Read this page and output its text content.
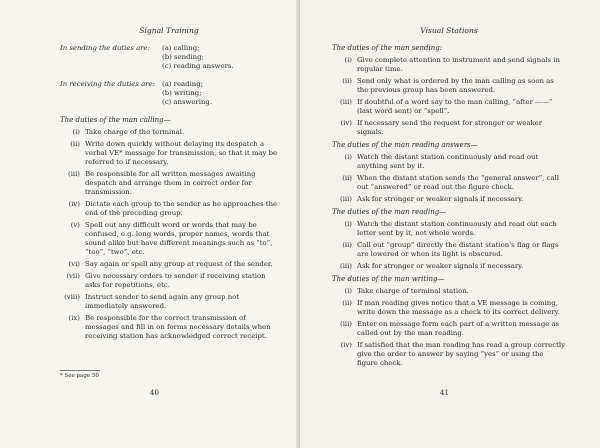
Signal Training
In sending the duties are:	(a) calling;
(b) sending;
(c) reading answers.
In receiving the duties are:	(a) reading;
(b) writing;
(c) answering.
The duties of the man calling—
(i) Take charge of the terminal.
(ii) Write down quickly without delaying its despatch a verbal VE* message for transmission, so that it may be referred to if necessary.
(iii) Be responsible for all written messages awaiting despatch and arrange them in correct order for transmission.
(iv) Dictate each group to the sender as he approaches the end of the preceding group.
(v) Spell out any difficult word or words that may be confused, e.g. long words, proper names, words that sound alike but have different meanings such as “to”, “too”, “two”, etc.
(vi) Say again or spell any group at request of the sender.
(vii) Give necessary orders to sender if receiving station asks for repetitions, etc.
(viii) Instruct sender to send again any group not immediately answered.
(ix) Be responsible for the correct transmission of messages and fill in on forms necessary details when receiving station has acknowledged correct receipt.
* See page 50
40
Visual Stations
The duties of the man sending:
(i) Give complete attention to instrument and send signals in regular time.
(ii) Send only what is ordered by the man calling as soon as the previous group has been answered.
(iii) If doubtful of a word say to the man calling, “after ——” (last word sent) or “spell”.
(iv) If necessary send the request for stronger or weaker signals.
The duties of the man reading answers—
(i) Watch the distant station continuously and read out anything sent by it.
(ii) When the distant station sends the “general answer”, call out “answered” or read out the figure check.
(iii) Ask for stronger or weaker signals if necessary.
The duties of the man reading—
(i) Watch the distant station continuously and read out each letter sent by it, not whole words.
(ii) Call out “group” directly the distant station's flag or flags are lowered or when its light is obscured.
(iii) Ask for stronger or weaker signals if necessary.
The duties of the man writing—
(i) Take charge of terminal station.
(ii) If man reading gives notice that a VE message is coming, write down the message as a check to its correct delivery.
(iii) Enter on message form each part of a written message as called out by the man reading.
(iv) If satisfied that the man reading has read a group correctly give the order to answer by saying “yes” or using the figure check.
41
